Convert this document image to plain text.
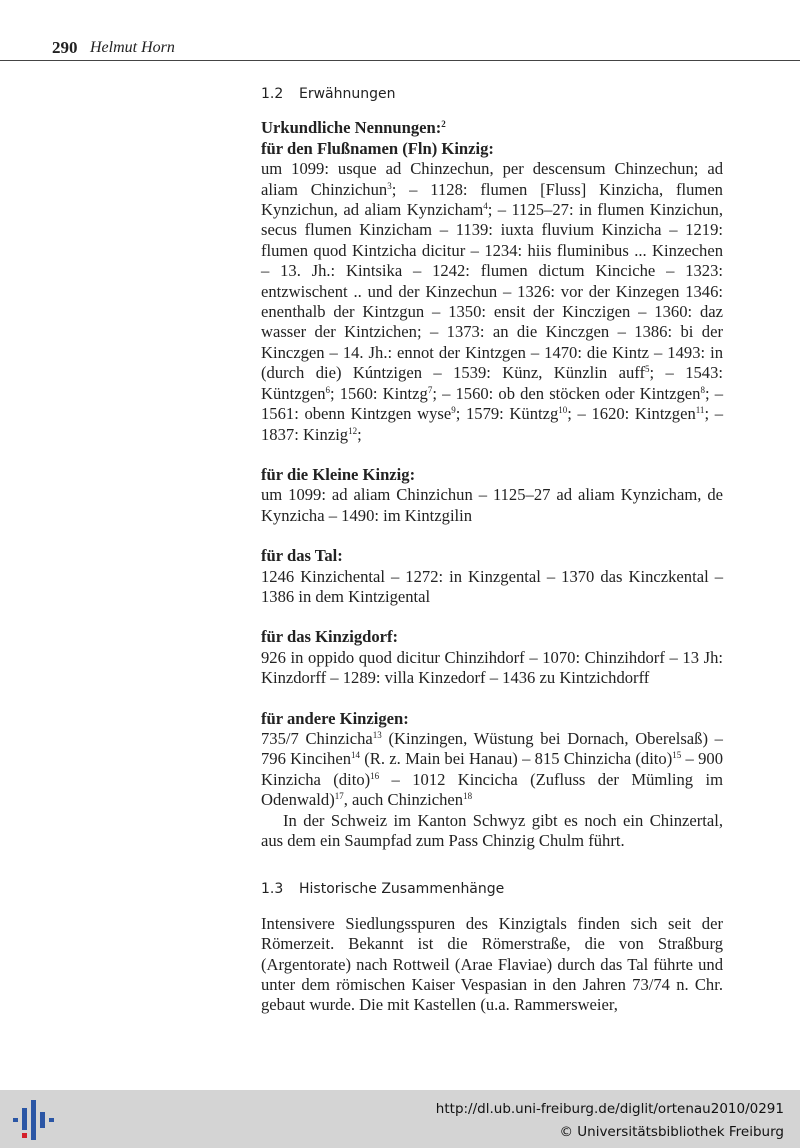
290 Helmut Horn
1.2 Erwähnungen

Urkundliche Nennungen:$^2$

für den Flußnamen (Fln) Kinzig:

um 1099: usque ad Chinzechun, per descensum Chinzechun; ad aliam Chinzichun$^3$; – 1128: flumen [Fluss] Kinzicha, flumen Kynzichun, ad aliam Kynzicham$^4$; – 1125–27: in flumen Kinzichun, secus flumen Kinzicham – 1139: iuxta fluvium Kinzicha – 1219: flumen quod Kintzicha dicitur – 1234: hiis fluminibus ... Kinzechen – 13. Jh.: Kintsika – 1242: flumen dictum Kinciche – 1323: entzwischent .. und der Kinzechun – 1326: vor der Kinzegen 1346: enenthalb der Kintzgun – 1350: ensit der Kinczigen – 1360: daz wasser der Kintzichen; – 1373: an die Kinczgen – 1386: bi der Kinczgen – 14. Jh.: ennot der Kintzgen – 1470: die Kintz – 1493: in (durch die) Kúntzigen – 1539: Künz, Künzlin auff$^5$; – 1543: Küntzgen$^6$; 1560: Kintzg$^7$; – 1560: ob den stöcken oder Kintzgen$^8$; – 1561: obenn Kintzgen wyse$^9$; 1579: Küntzg$^{10}$; – 1620: Kintzgen$^{11}$; – 1837: Kinzig$^{12}$;

für die Kleine Kinzig:

um 1099: ad aliam Chinzichun – 1125–27 ad aliam Kynzicham, de Kynzicha – 1490: im Kintzgilin

für das Tal:

1246 Kinzichental – 1272: in Kinzgental – 1370 das Kinczkental – 1386 in dem Kintzigental

für das Kinzigdorf:

926 in oppido quod dicitur Chinzihdorf – 1070: Chinzihdorf – 13 Jh: Kinzdorff – 1289: villa Kinzedorf – 1436 zu Kintzichdorff

für andere Kinzigen:

735/7 Chinzicha$^{13}$ (Kinzingen, Wüstung bei Dornach, Oberelsaß) – 796 Kincihen$^{14}$ (R. z. Main bei Hanau) – 815 Chinzicha (dito)$^{15}$ – 900 Kinzicha (dito)$^{16}$ – 1012 Kincicha (Zufluss der Mümling im Odenwald)$^{17}$, auch Chinzichen$^{18}$

In der Schweiz im Kanton Schwyz gibt es noch ein Chinzertal, aus dem ein Saumpfad zum Pass Chinzig Chulm führt.

1.3 Historische Zusammenhänge

Intensivere Siedlungsspuren des Kinzigtals finden sich seit der Römerzeit. Bekannt ist die Römerstraße, die von Straßburg (Argentorate) nach Rottweil (Arae Flaviae) durch das Tal führte und unter dem römischen Kaiser Vespasian in den Jahren 73/74 n. Chr. gebaut wurde. Die mit Kastellen (u.a. Rammersweier,

http://dl.ub.uni-freiburg.de/diglit/ortenau2010/0291
© Universitätsbibliothek Freiburg
